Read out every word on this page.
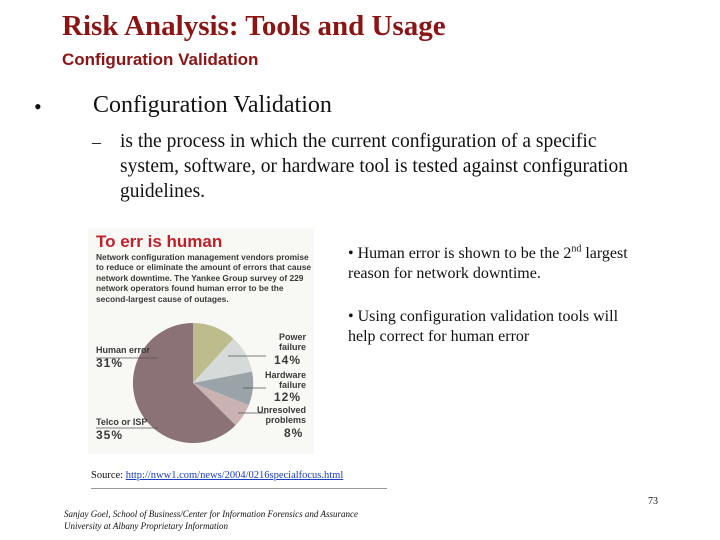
Risk Analysis: Tools and Usage
Configuration Validation
• Configuration Validation
– is the process in which the current configuration of a specific system, software, or hardware tool is tested against configuration guidelines.
To err is human
Network configuration management vendors promise to reduce or eliminate the amount of errors that cause network downtime. The Yankee Group survey of 229 network operators found human error to be the second-largest cause of outages.
Human error
31%
Power failure
14%
Hardware failure
12%
Unresolved problems
8%
Telco or ISP
35%
• Human error is shown to be the 2nd largest reason for network downtime.
• Using configuration validation tools will help correct for human error
Source: http://nww1.com/news/2004/0216specialfocus.html
Sanjay Goel, School of Business/Center for Information Forensics and Assurance
University at Albany Proprietary Information
73
